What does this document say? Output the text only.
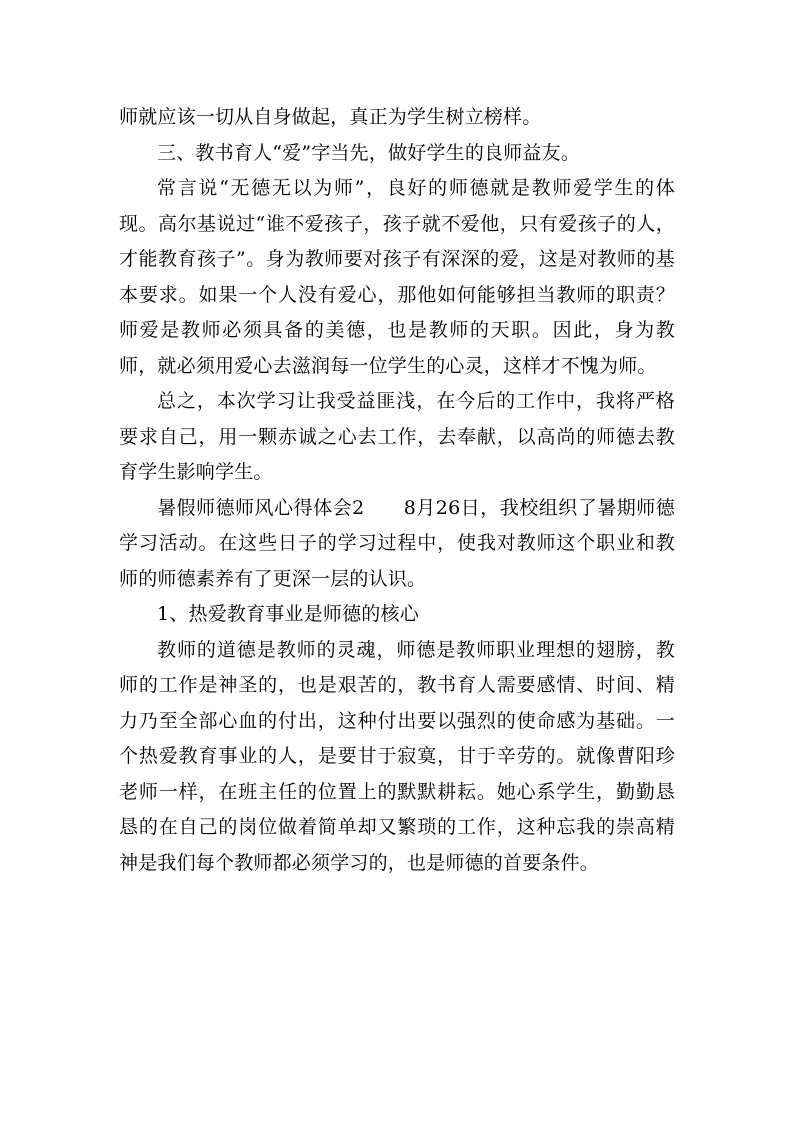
师就应该一切从自身做起，真正为学生树立榜样。

三、教书育人“爱”字当先，做好学生的良师益友。

常言说“无德无以为师”，良好的师德就是教师爱学生的体现。高尔基说过“谁不爱孩子，孩子就不爱他，只有爱孩子的人，才能教育孩子”。身为教师要对孩子有深深的爱，这是对教师的基本要求。如果一个人没有爱心，那他如何能够担当教师的职责？师爱是教师必须具备的美德，也是教师的天职。因此，身为教师，就必须用爱心去滋润每一位学生的心灵，这样才不愧为师。

总之，本次学习让我受益匪浅，在今后的工作中，我将严格要求自己，用一颗赤诚之心去工作，去奉献，以高尚的师德去教育学生影响学生。

暑假师德师风心得体会2　　8月26日，我校组织了暑期师德学习活动。在这些日子的学习过程中，使我对教师这个职业和教师的师德素养有了更深一层的认识。

1、热爱教育事业是师德的核心

教师的道德是教师的灵魂，师德是教师职业理想的翅膀，教师的工作是神圣的，也是艰苦的，教书育人需要感情、时间、精力乃至全部心血的付出，这种付出要以强烈的使命感为基础。一个热爱教育事业的人，是要甘于寂寞，甘于辛劳的。就像曹阳珍老师一样，在班主任的位置上的默默耕耘。她心系学生，勤勤恳恳的在自己的岗位做着简单却又繁琐的工作，这种忘我的崇高精神是我们每个教师都必须学习的，也是师德的首要条件。
